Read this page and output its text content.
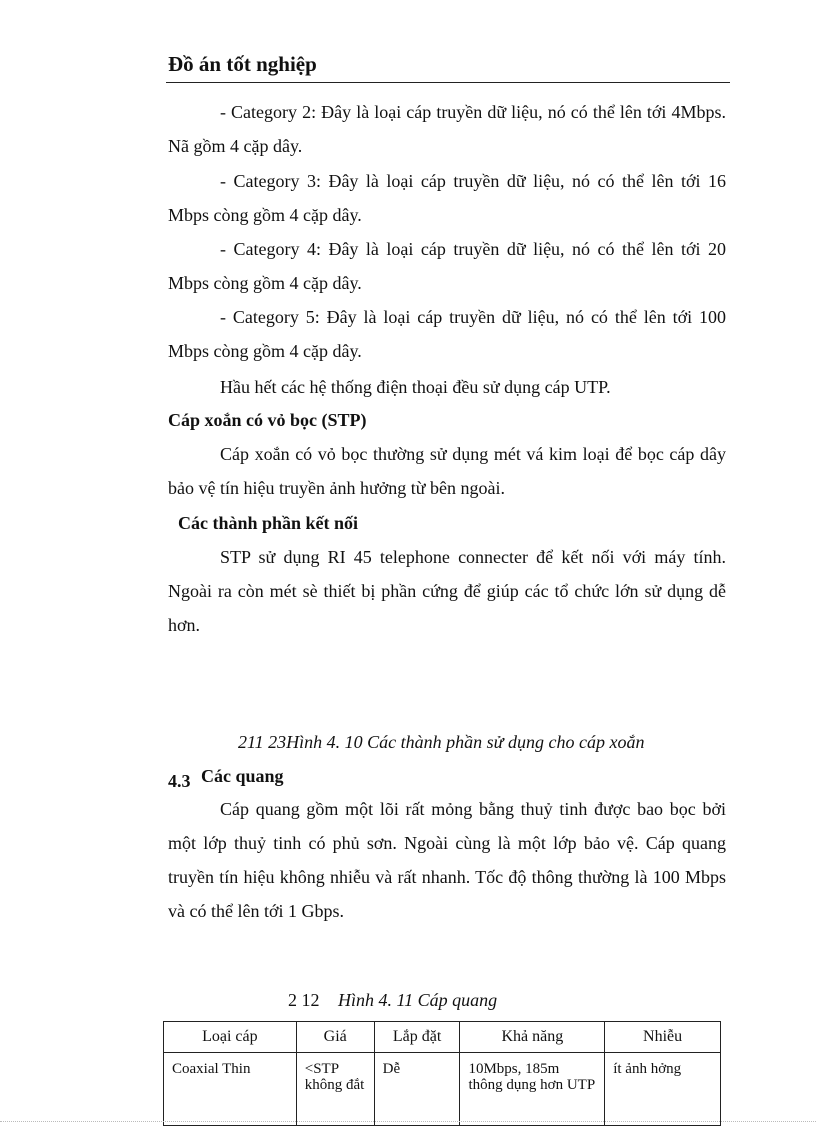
Đồ án tốt nghiệp
- Category 2: Đây là loại cáp truyền dữ liệu, nó có thể lên tới 4Mbps. Nã gồm 4 cặp dây.
- Category 3: Đây là loại cáp truyền dữ liệu, nó có thể lên tới 16 Mbps còng gồm 4 cặp dây.
- Category 4: Đây là loại cáp truyền dữ liệu, nó có thể lên tới 20 Mbps còng gồm 4 cặp dây.
- Category 5: Đây là loại cáp truyền dữ liệu, nó có thể lên tới 100 Mbps còng gồm 4 cặp dây.
Hầu hết các hệ thống điện thoại đều sử dụng cáp UTP.
Cáp xoắn có vỏ bọc (STP)
Cáp xoắn có vỏ bọc thường sử dụng mét vá kim loại để bọc cáp dây bảo vệ tín hiệu truyền ảnh hưởng từ bên ngoài.
Các thành phần kết nối
STP sử dụng RI 45 telephone connecter để kết nối với máy tính. Ngoài ra còn mét sè thiết bị phần cứng để giúp các tổ chức lớn sử dụng dễ hơn.
211 23Hình 4. 10 Các thành phần sử dụng cho cáp xoắn
4.3 Các quang
Cáp quang gồm một lõi rất mỏng bằng thuỷ tinh được bao bọc bởi một lớp thuỷ tinh có phủ sơn. Ngoài cùng là một lớp bảo vệ. Cáp quang truyền tín hiệu không nhiễu và rất nhanh. Tốc độ thông thường là 100 Mbps và có thể lên tới 1 Gbps.
2 12 Hình 4. 11 Cáp quang
Loại cáp	Giá	Lắp đặt	Khả năng	Nhiễu
Coaxial Thin	<STP không đắt	Dễ	10Mbps, 185m thông dụng hơn UTP	ít ảnh hởng
